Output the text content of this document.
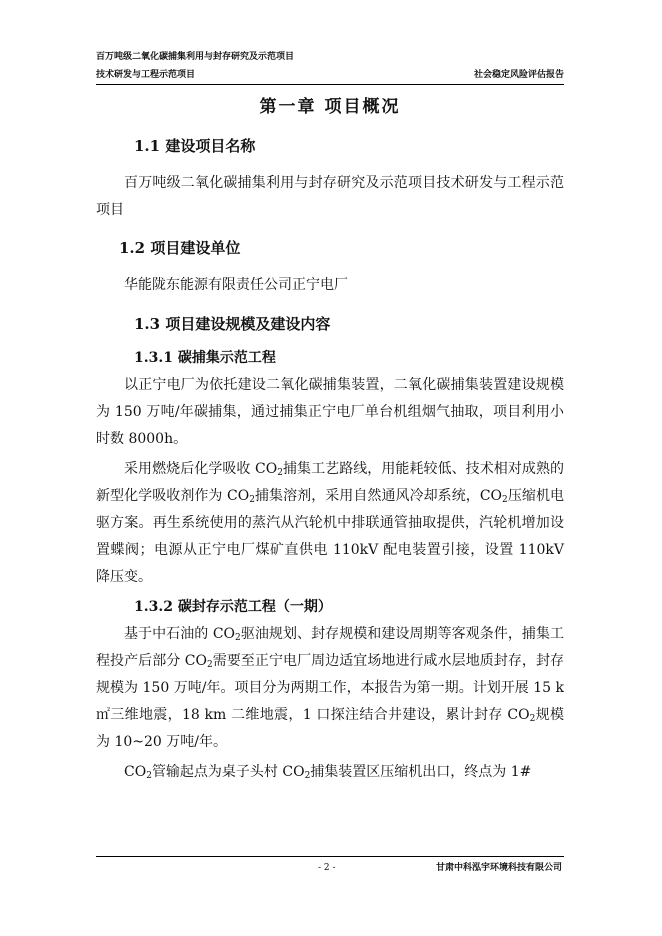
百万吨级二氧化碳捕集利用与封存研究及示范项目
技术研发与工程示范项目	社会稳定风险评估报告
第一章 项目概况
1.1 建设项目名称

百万吨级二氧化碳捕集利用与封存研究及示范项目技术研发与工程示范项目

1.2 项目建设单位

华能陇东能源有限责任公司正宁电厂

1.3 项目建设规模及建设内容
1.3.1 碳捕集示范工程

以正宁电厂为依托建设二氧化碳捕集装置，二氧化碳捕集装置建设规模为 150 万吨/年碳捕集，通过捕集正宁电厂单台机组烟气抽取，项目利用小时数 8000h。

采用燃烧后化学吸收 $CO_2$捕集工艺路线，用能耗较低、技术相对成熟的新型化学吸收剂作为 $CO_2$捕集溶剂，采用自然通风冷却系统，$CO_2$压缩机电驱方案。再生系统使用的蒸汽从汽轮机中排联通管抽取提供，汽轮机增加设置蝶阀；电源从正宁电厂煤矿直供电 110kV 配电装置引接，设置 110kV 降压变。

1.3.2 碳封存示范工程（一期）

基于中石油的 $CO_2$驱油规划、封存规模和建设周期等客观条件，捕集工程投产后部分 $CO_2$需要至正宁电厂周边适宜场地进行咸水层地质封存，封存规模为 150 万吨/年。项目分为两期工作，本报告为第一期。计划开展 15 k ㎡三维地震，18 km 二维地震，1 口探注结合井建设，累计封存 $CO_2$规模为 10~20 万吨/年。

$CO_2$管输起点为桌子头村 $CO_2$捕集装置区压缩机出口，终点为 1#

- 2 -	甘肃中科泓宇环境科技有限公司
